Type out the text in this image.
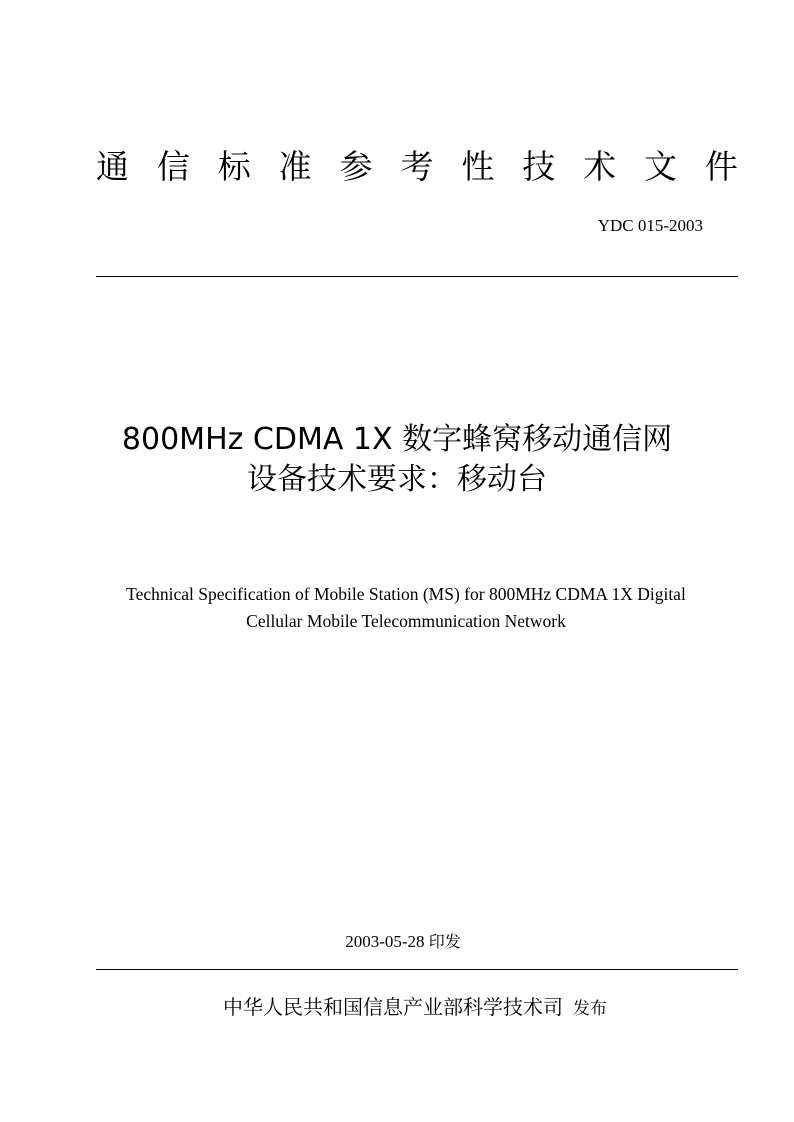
通 信 标 准 参 考 性 技 术 文 件
YDC 015-2003
800MHz CDMA 1X 数字蜂窝移动通信网
设备技术要求：移动台
Technical Specification of Mobile Station (MS) for 800MHz CDMA 1X Digital
Cellular Mobile Telecommunication Network
2003-05-28 印发
中华人民共和国信息产业部科学技术司 发布
